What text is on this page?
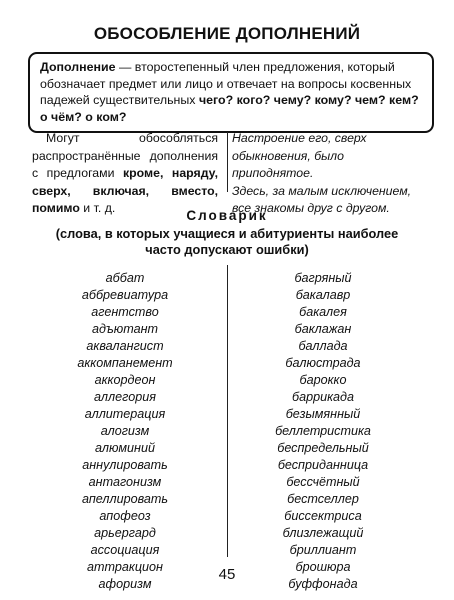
ОБОСОБЛЕНИЕ ДОПОЛНЕНИЙ
Дополнение — второстепенный член предложения, который обозначает предмет или лицо и отвечает на вопросы косвенных падежей существительных чего? кого? чему? кому? чем? кем? о чём? о ком?
Могут обособляться распространённые дополнения с предлогами кроме, наряду, сверх, включая, вместо, помимо и т. д.

Настроение его, сверх обыкновения, было приподнятое.

Здесь, за малым исключением, все знакомы друг с другом.

Словарик
(слова, в которых учащиеся и абитуриенты наиболее часто допускают ошибки)
аббат
аббревиатура
агентство
адъютант
аквалангист
аккомпанемент
аккордеон
аллегория
аллитерация
алогизм
алюминий
аннулировать
антагонизм
апеллировать
апофеоз
арьергард
ассоциация
аттракцион
афоризм
багряный
бакалавр
бакалея
баклажан
баллада
балюстрада
барокко
баррикада
безымянный
беллетристика
беспредельный
бесприданница
бессчётный
бестселлер
биссектриса
близлежащий
бриллиант
брошюра
буффонада
45
